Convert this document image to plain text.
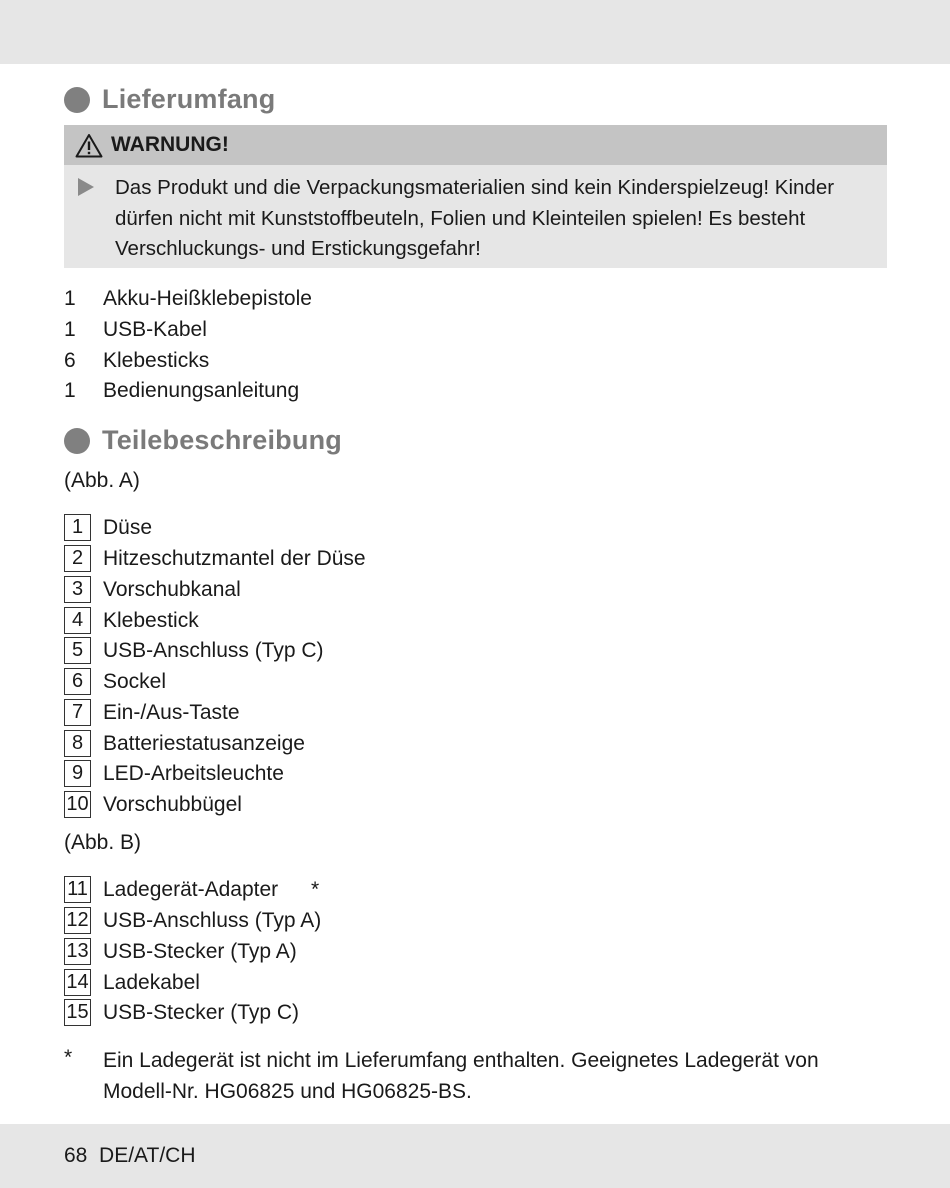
Lieferumfang
WARNUNG!
Das Produkt und die Verpackungsmaterialien sind kein Kinderspielzeug! Kinder dürfen nicht mit Kunststoffbeuteln, Folien und Kleinteilen spielen! Es besteht Verschluckungs- und Erstickungsgefahr!
1	Akku-Heißklebepistole
1	USB-Kabel
6	Klebesticks
1	Bedienungsanleitung
Teilebeschreibung
(Abb. A)
1 Düse
2 Hitzeschutzmantel der Düse
3 Vorschubkanal
4 Klebestick
5 USB-Anschluss (Typ C)
6 Sockel
7 Ein-/Aus-Taste
8 Batteriestatusanzeige
9 LED-Arbeitsleuchte
10 Vorschubbügel
(Abb. B)
11 Ladegerät-Adapter *
12 USB-Anschluss (Typ A)
13 USB-Stecker (Typ A)
14 Ladekabel
15 USB-Stecker (Typ C)
* Ein Ladegerät ist nicht im Lieferumfang enthalten. Geeignetes Ladegerät von Modell-Nr. HG06825 und HG06825-BS.
68 DE/AT/CH
